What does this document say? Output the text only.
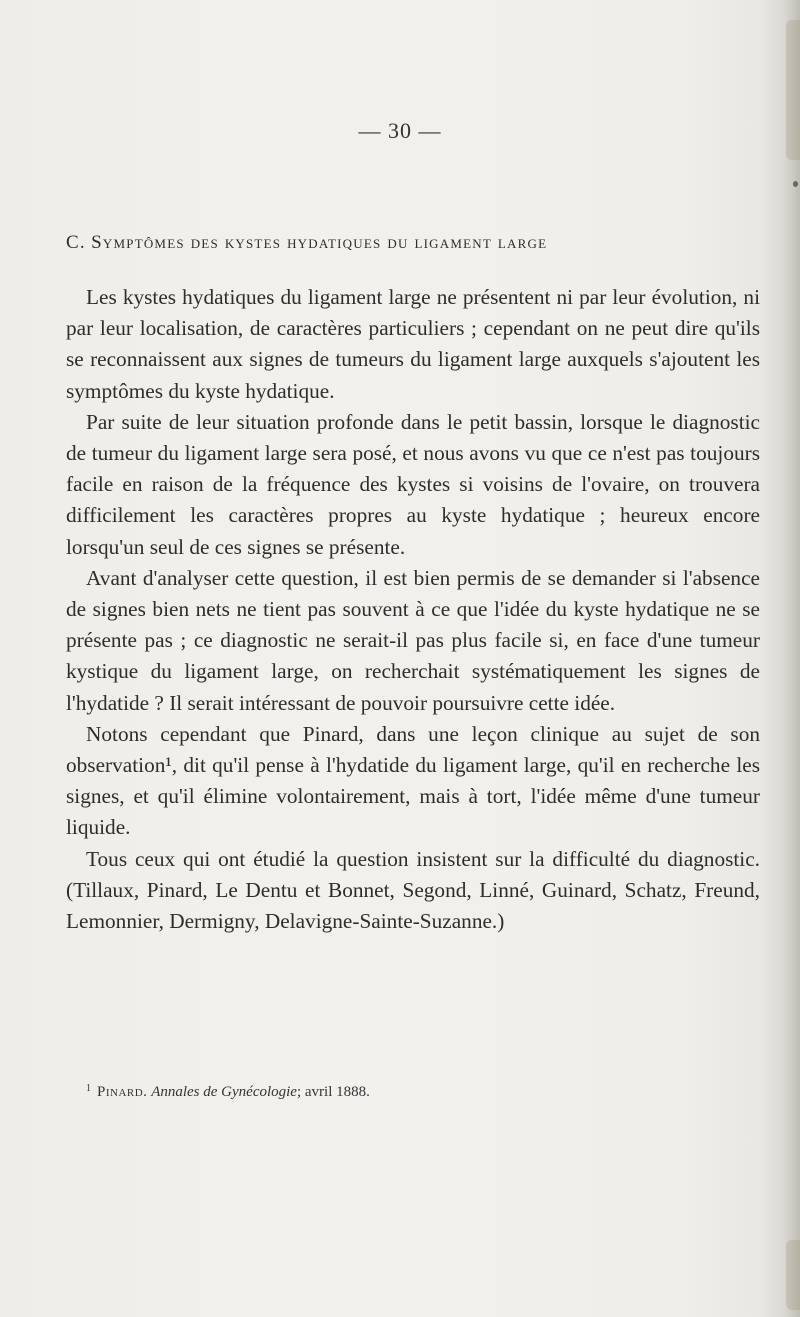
— 30 —
C. Symptômes des kystes hydatiques du ligament large

Les kystes hydatiques du ligament large ne présentent ni par leur évolution, ni par leur localisation, de caractères particuliers ; cependant on ne peut dire qu'ils se reconnaissent aux signes de tumeurs du ligament large auxquels s'ajoutent les symptômes du kyste hydatique.

Par suite de leur situation profonde dans le petit bassin, lorsque le diagnostic de tumeur du ligament large sera posé, et nous avons vu que ce n'est pas toujours facile en raison de la fréquence des kystes si voisins de l'ovaire, on trouvera difficilement les caractères propres au kyste hydatique ; heureux encore lorsqu'un seul de ces signes se présente.

Avant d'analyser cette question, il est bien permis de se demander si l'absence de signes bien nets ne tient pas souvent à ce que l'idée du kyste hydatique ne se présente pas ; ce diagnostic ne serait-il pas plus facile si, en face d'une tumeur kystique du ligament large, on recherchait systématiquement les signes de l'hydatide ? Il serait intéressant de pouvoir poursuivre cette idée.

Notons cependant que Pinard, dans une leçon clinique au sujet de son observation¹, dit qu'il pense à l'hydatide du ligament large, qu'il en recherche les signes, et qu'il élimine volontairement, mais à tort, l'idée même d'une tumeur liquide.

Tous ceux qui ont étudié la question insistent sur la difficulté du diagnostic. (Tillaux, Pinard, Le Dentu et Bonnet, Segond, Linné, Guinard, Schatz, Freund, Lemonnier, Dermigny, Delavigne-Sainte-Suzanne.)

$^1$ Pinard. Annales de Gynécologie; avril 1888.
